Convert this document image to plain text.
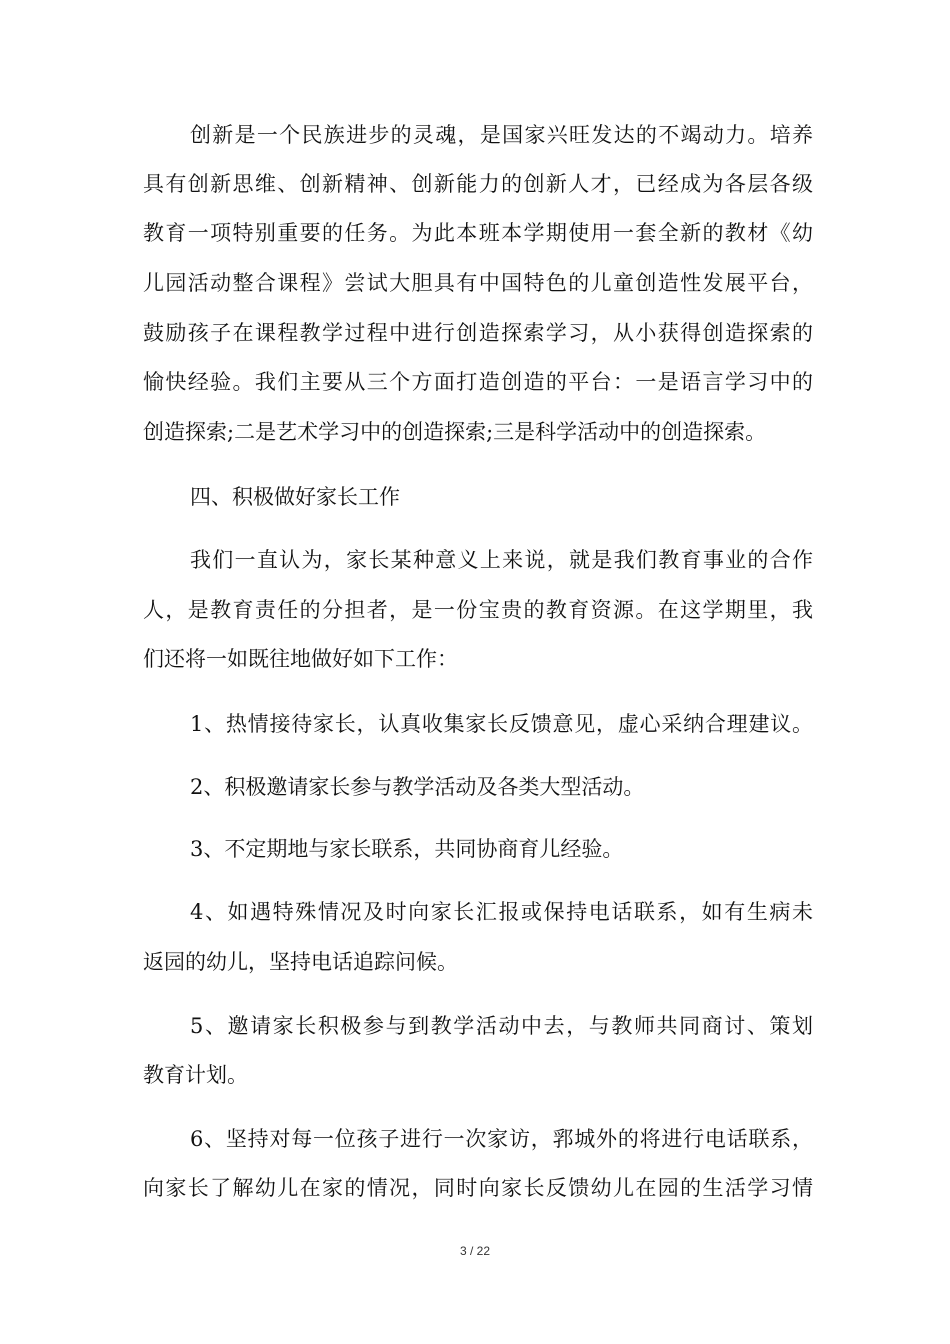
创新是一个民族进步的灵魂，是国家兴旺发达的不竭动力。培养
具有创新思维、创新精神、创新能力的创新人才，已经成为各层各级
教育一项特别重要的任务。为此本班本学期使用一套全新的教材《幼
儿园活动整合课程》尝试大胆具有中国特色的儿童创造性发展平台，
鼓励孩子在课程教学过程中进行创造探索学习，从小获得创造探索的
愉快经验。我们主要从三个方面打造创造的平台：一是语言学习中的
创造探索;二是艺术学习中的创造探索;三是科学活动中的创造探索。
四、积极做好家长工作
我们一直认为，家长某种意义上来说，就是我们教育事业的合作
人，是教育责任的分担者，是一份宝贵的教育资源。在这学期里，我
们还将一如既往地做好如下工作：
1、热情接待家长，认真收集家长反馈意见，虚心采纳合理建议。
2、积极邀请家长参与教学活动及各类大型活动。
3、不定期地与家长联系，共同协商育儿经验。
4、如遇特殊情况及时向家长汇报或保持电话联系，如有生病未
返园的幼儿，坚持电话追踪问候。
5、邀请家长积极参与到教学活动中去，与教师共同商讨、策划
教育计划。
6、坚持对每一位孩子进行一次家访，郛城外的将进行电话联系，
向家长了解幼儿在家的情况，同时向家长反馈幼儿在园的生活学习情
3 / 22
